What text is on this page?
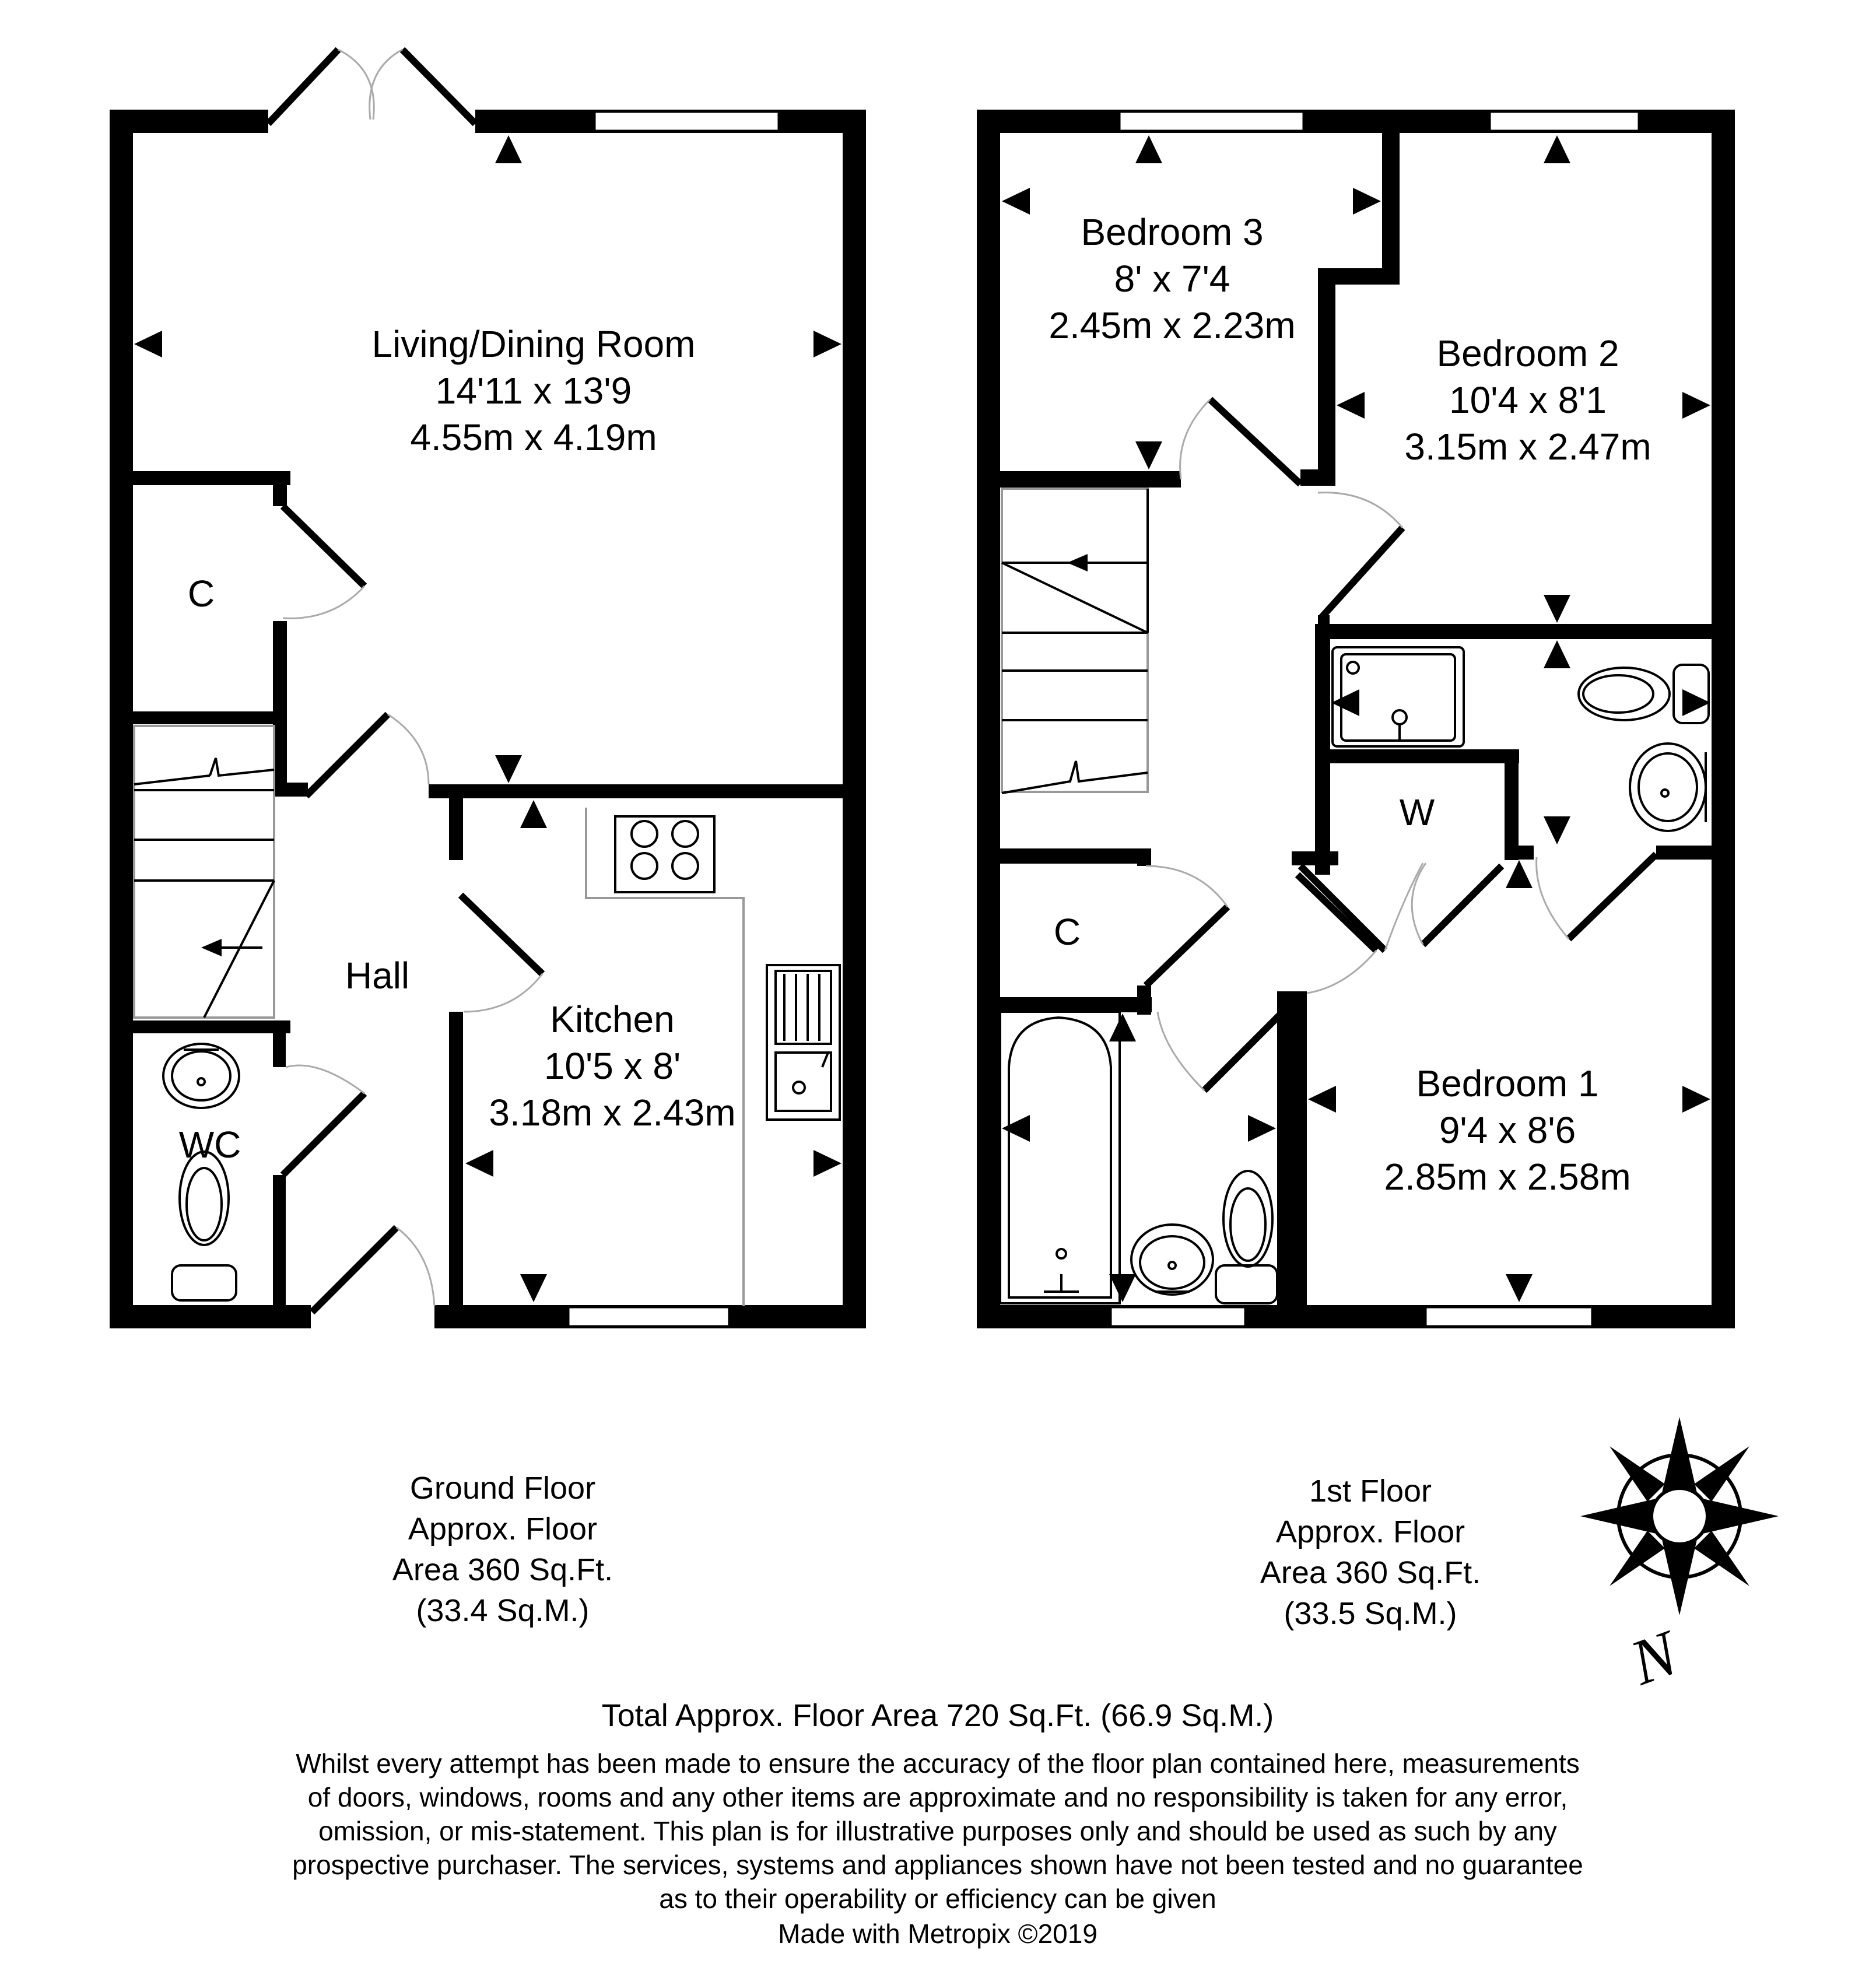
Living/Dining Room
14'11 x 13'9
4.55m x 4.19m
C
Hall
WC
Kitchen
10'5 x 8'
3.18m x 2.43m
Bedroom 3
8' x 7'4
2.45m x 2.23m
Bedroom 2
10'4 x 8'1
3.15m x 2.47m
W
C
Bedroom 1
9'4 x 8'6
2.85m x 2.58m
Ground Floor
Approx. Floor
Area 360 Sq.Ft.
(33.4 Sq.M.)
1st Floor
Approx. Floor
Area 360 Sq.Ft.
(33.5 Sq.M.)
N
Total Approx. Floor Area 720 Sq.Ft. (66.9 Sq.M.)
Whilst every attempt has been made to ensure the accuracy of the floor plan contained here, measurements
of doors, windows, rooms and any other items are approximate and no responsibility is taken for any error,
omission, or mis-statement. This plan is for illustrative purposes only and should be used as such by any
prospective purchaser. The services, systems and appliances shown have not been tested and no guarantee
as to their operability or efficiency can be given
Made with Metropix ©2019
